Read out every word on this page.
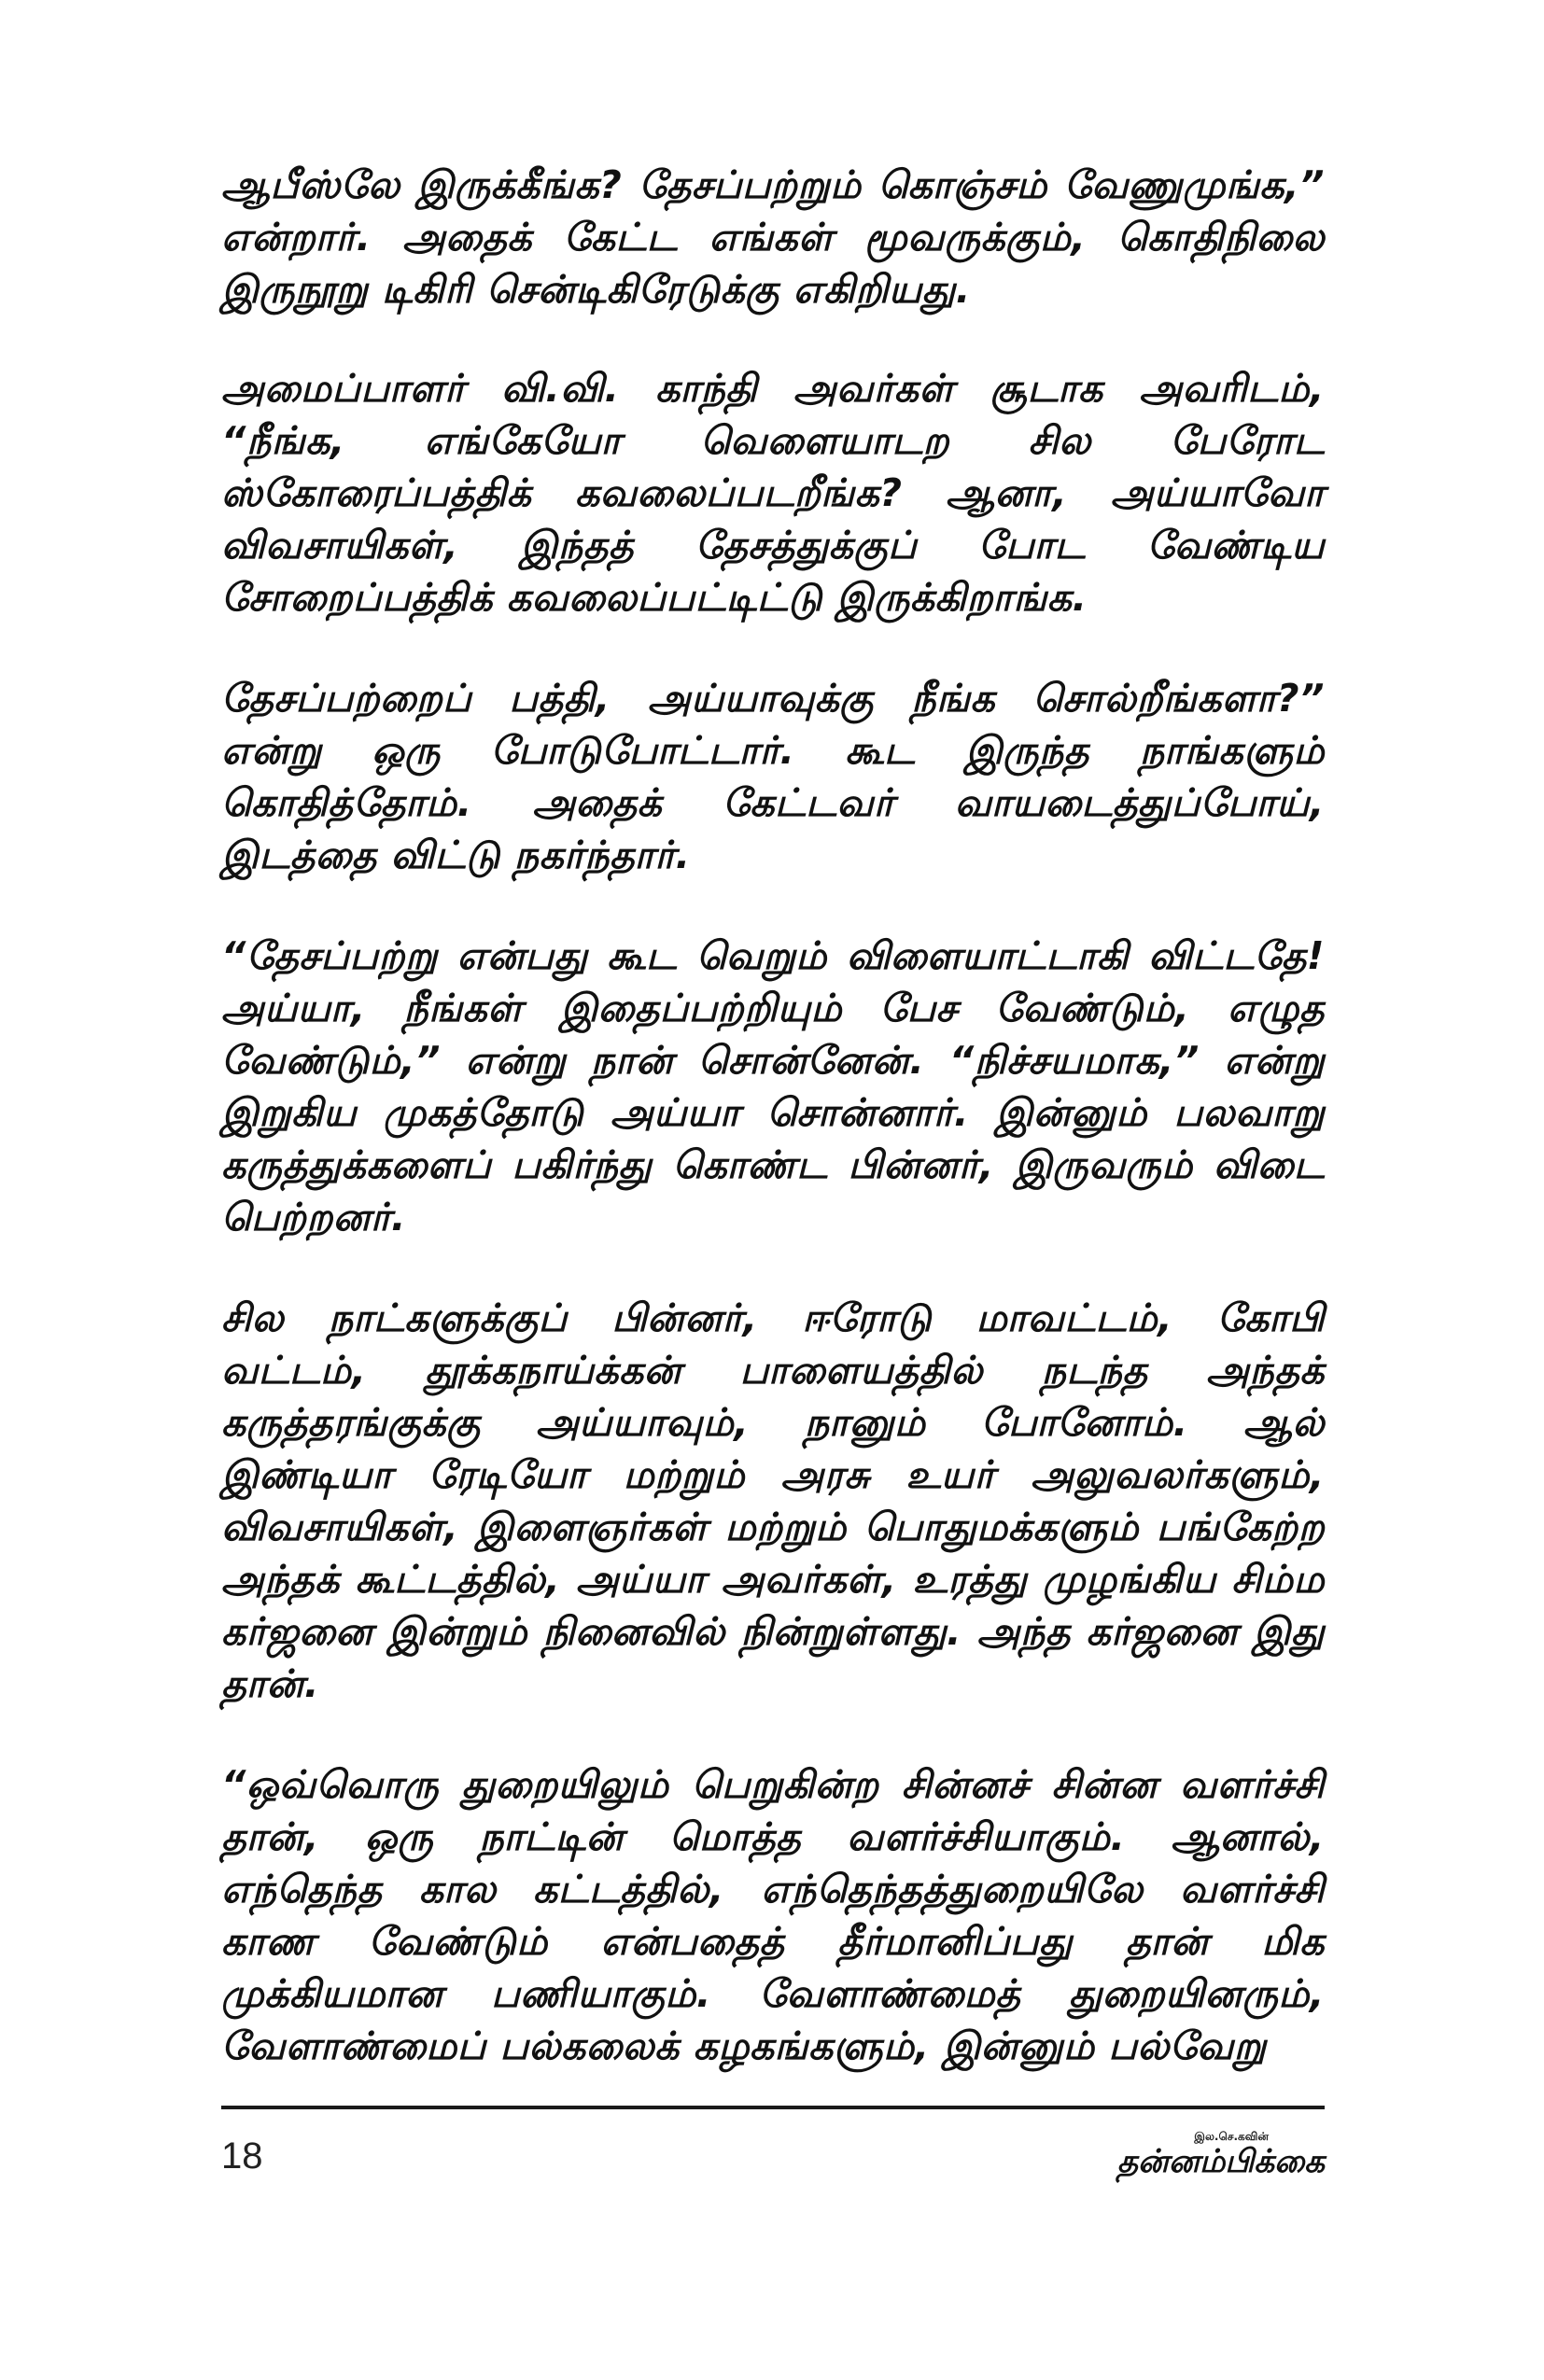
ஆபீஸ்லே இருக்கீங்க? தேசப்பற்றும் கொஞ்சம் வேணுமுங்க,” என்றார். அதைக் கேட்ட எங்கள் மூவருக்கும், கொதிநிலை இருநூறு டிகிரி சென்டிகிரேடுக்கு எகிறியது.

அமைப்பாளர் வி.வி. காந்தி அவர்கள் சூடாக அவரிடம், “நீங்க, எங்கேயோ வெளையாடற சில பேரோட ஸ்கோரைப்பத்திக் கவலைப்படறீங்க? ஆனா, அய்யாவோ விவசாயிகள், இந்தத் தேசத்துக்குப் போட வேண்டிய சோறைப்பத்திக் கவலைப்பட்டிட்டு இருக்கிறாங்க.

தேசப்பற்றைப் பத்தி, அய்யாவுக்கு நீங்க சொல்றீங்களா?” என்று ஒரு போடுபோட்டார். கூட இருந்த நாங்களும் கொதித்தோம். அதைக் கேட்டவர் வாயடைத்துப்போய், இடத்தை விட்டு நகர்ந்தார்.

“தேசப்பற்று என்பது கூட வெறும் விளையாட்டாகி விட்டதே! அய்யா, நீங்கள் இதைப்பற்றியும் பேச வேண்டும், எழுத வேண்டும்,” என்று நான் சொன்னேன். “நிச்சயமாக,” என்று இறுகிய முகத்தோடு அய்யா சொன்னார். இன்னும் பலவாறு கருத்துக்களைப் பகிர்ந்து கொண்ட பின்னர், இருவரும் விடை பெற்றனர்.

சில நாட்களுக்குப் பின்னர், ஈரோடு மாவட்டம், கோபி வட்டம், தூக்கநாய்க்கன் பாளையத்தில் நடந்த அந்தக் கருத்தரங்குக்கு அய்யாவும், நானும் போனோம். ஆல் இண்டியா ரேடியோ மற்றும் அரசு உயர் அலுவலர்களும், விவசாயிகள், இளைஞர்கள் மற்றும் பொதுமக்களும் பங்கேற்ற அந்தக் கூட்டத்தில், அய்யா அவர்கள், உரத்து முழங்கிய சிம்ம கர்ஜனை இன்றும் நினைவில் நின்றுள்ளது. அந்த கர்ஜனை இது தான்.

“ஒவ்வொரு துறையிலும் பெறுகின்ற சின்னச் சின்ன வளர்ச்சி தான், ஒரு நாட்டின் மொத்த வளர்ச்சியாகும். ஆனால், எந்தெந்த கால கட்டத்தில், எந்தெந்தத்துறையிலே வளர்ச்சி காண வேண்டும் என்பதைத் தீர்மானிப்பது தான் மிக முக்கியமான பணியாகும். வேளாண்மைத் துறையினரும், வேளாண்மைப் பல்கலைக் கழகங்களும், இன்னும் பல்வேறு

18	இல.செ.கவின்
தன்னம்பிக்கை
